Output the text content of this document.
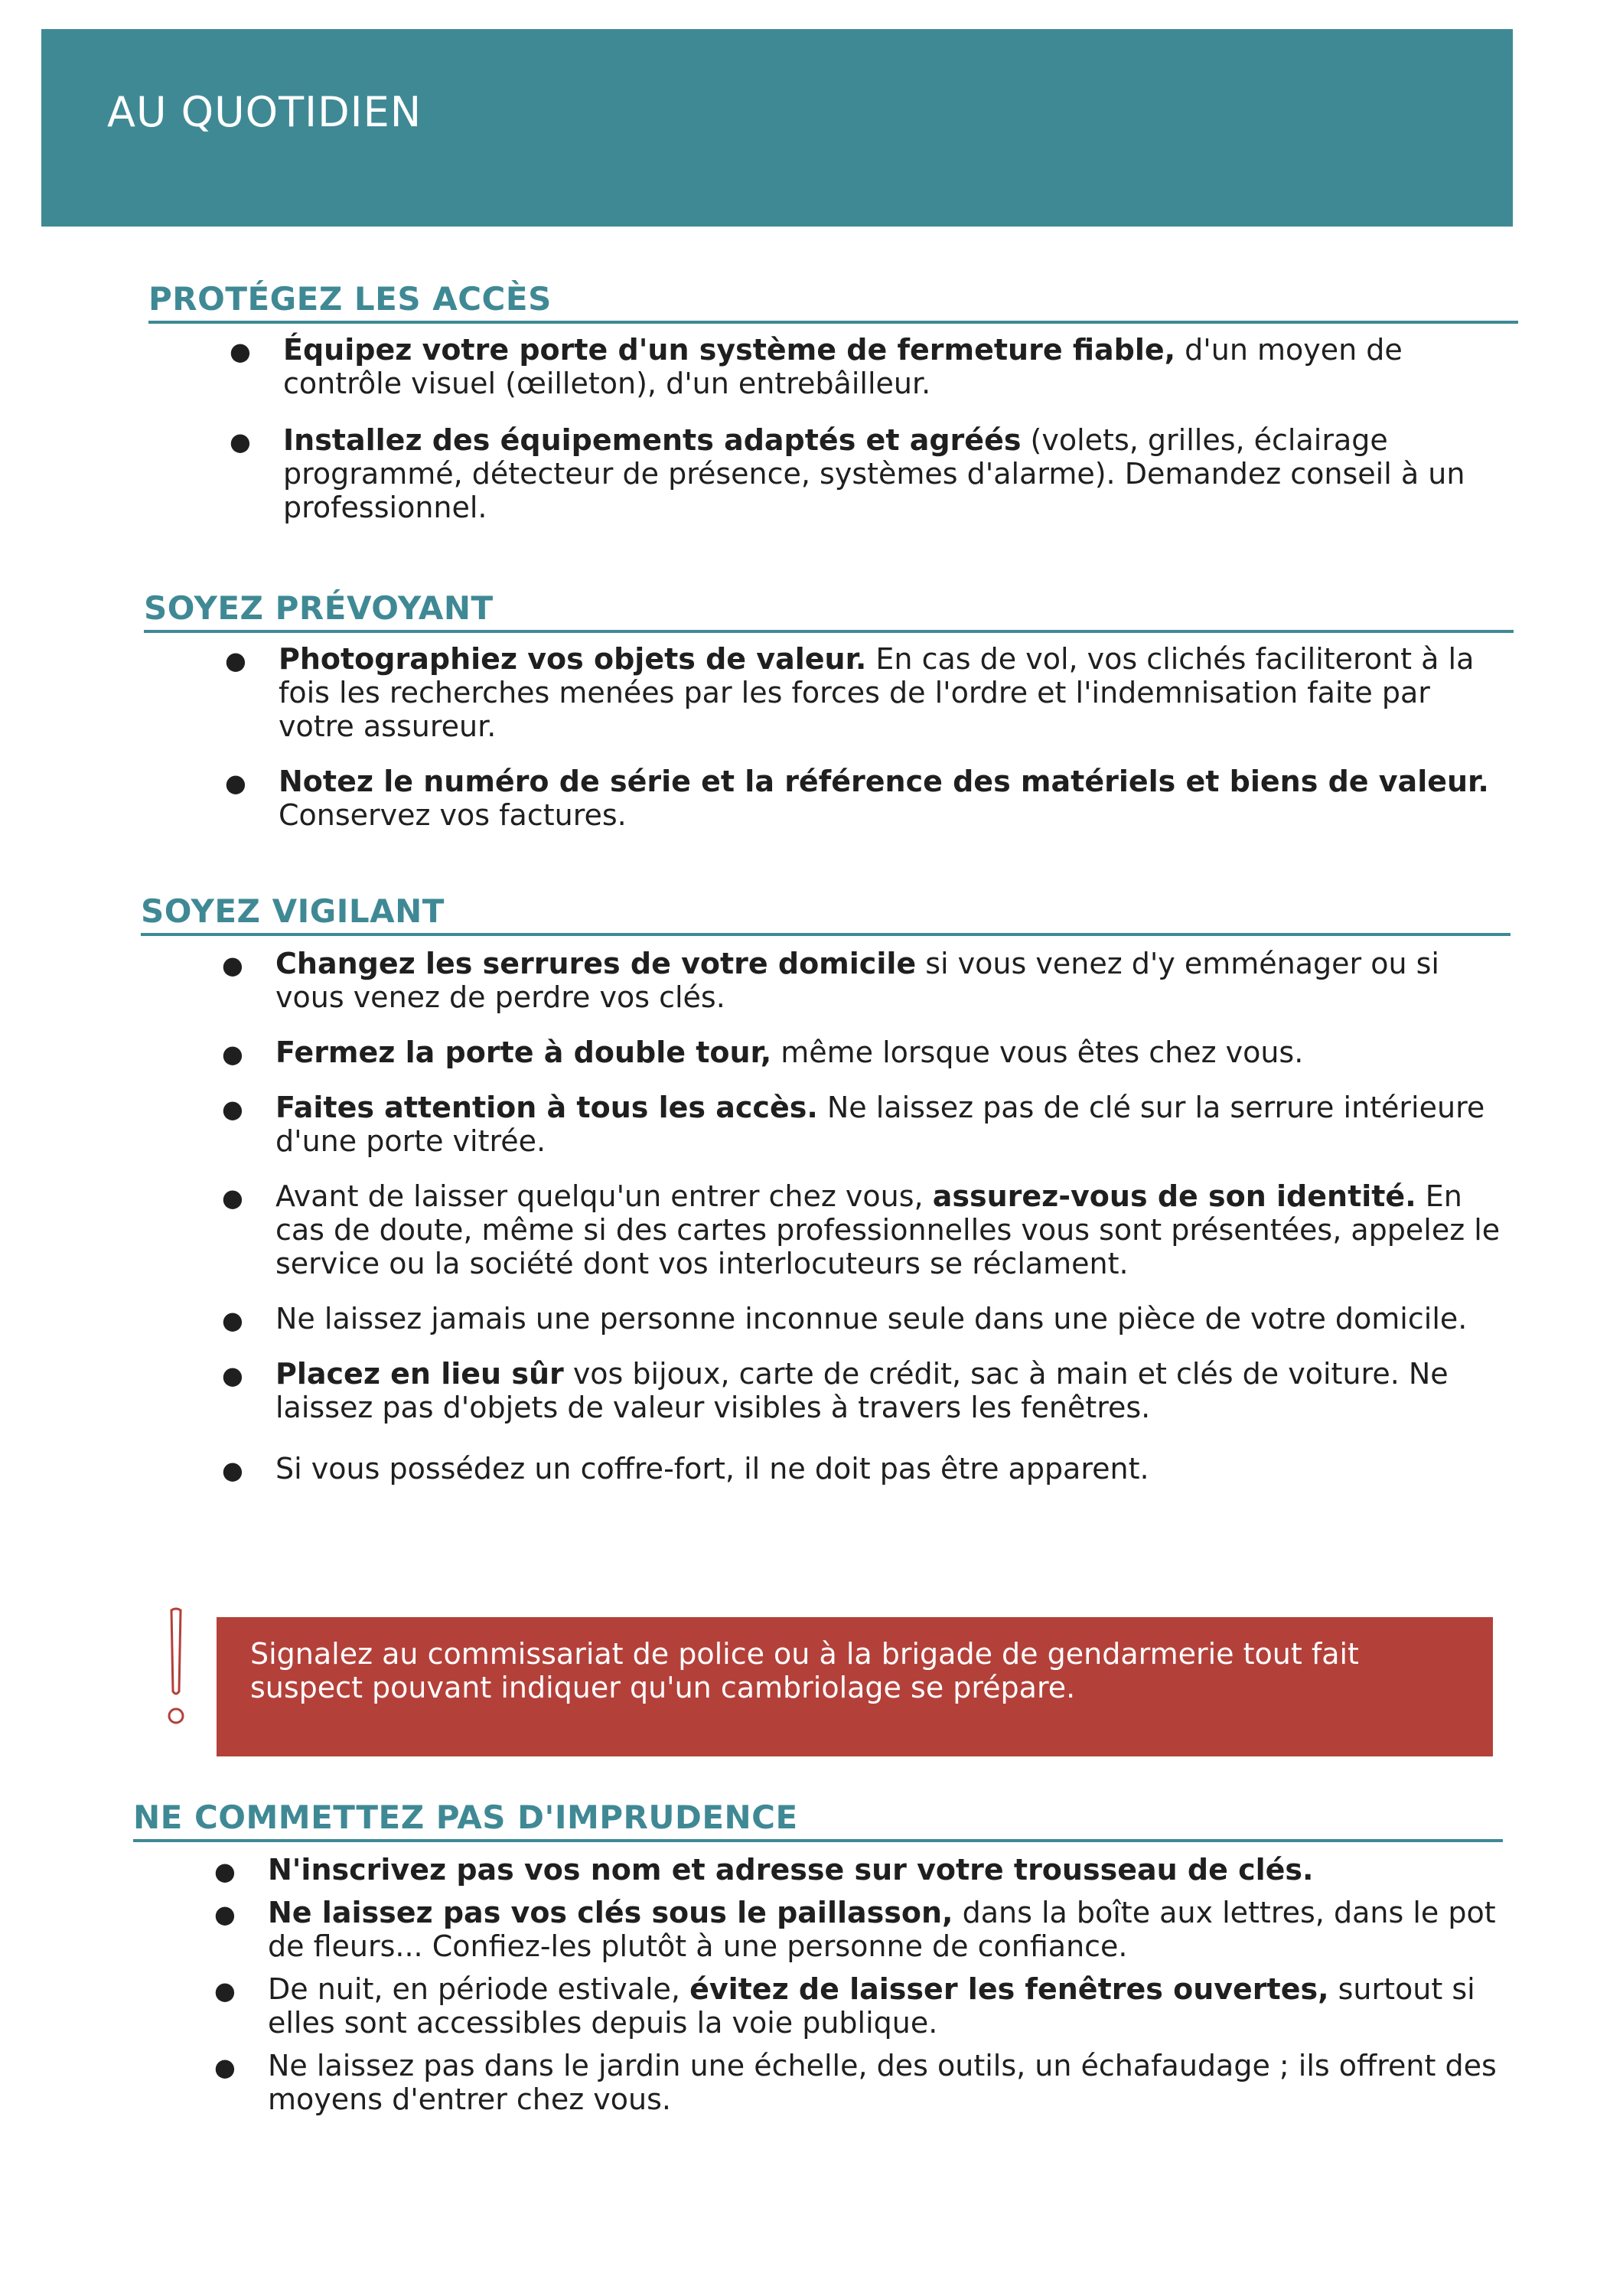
AU QUOTIDIEN
PROTÉGEZ LES ACCÈS
● Équipez votre porte d'un système de fermeture fiable, d'un moyen de contrôle visuel (œilleton), d'un entrebâilleur.
● Installez des équipements adaptés et agréés (volets, grilles, éclairage programmé, détecteur de présence, systèmes d'alarme). Demandez conseil à un professionnel.
SOYEZ PRÉVOYANT
● Photographiez vos objets de valeur. En cas de vol, vos clichés faciliteront à la fois les recherches menées par les forces de l'ordre et l'indemnisation faite par votre assureur.
● Notez le numéro de série et la référence des matériels et biens de valeur. Conservez vos factures.
SOYEZ VIGILANT
● Changez les serrures de votre domicile si vous venez d'y emménager ou si vous venez de perdre vos clés.
● Fermez la porte à double tour, même lorsque vous êtes chez vous.
● Faites attention à tous les accès. Ne laissez pas de clé sur la serrure intérieure d'une porte vitrée.
● Avant de laisser quelqu'un entrer chez vous, assurez-vous de son identité. En cas de doute, même si des cartes professionnelles vous sont présentées, appelez le service ou la société dont vos interlocuteurs se réclament.
● Ne laissez jamais une personne inconnue seule dans une pièce de votre domicile.
● Placez en lieu sûr vos bijoux, carte de crédit, sac à main et clés de voiture. Ne laissez pas d'objets de valeur visibles à travers les fenêtres.
● Si vous possédez un coffre-fort, il ne doit pas être apparent.
Signalez au commissariat de police ou à la brigade de gendarmerie tout fait suspect pouvant indiquer qu'un cambriolage se prépare.
NE COMMETTEZ PAS D'IMPRUDENCE
● N'inscrivez pas vos nom et adresse sur votre trousseau de clés.
● Ne laissez pas vos clés sous le paillasson, dans la boîte aux lettres, dans le pot de fleurs... Confiez-les plutôt à une personne de confiance.
● De nuit, en période estivale, évitez de laisser les fenêtres ouvertes, surtout si elles sont accessibles depuis la voie publique.
● Ne laissez pas dans le jardin une échelle, des outils, un échafaudage ; ils offrent des moyens d'entrer chez vous.
